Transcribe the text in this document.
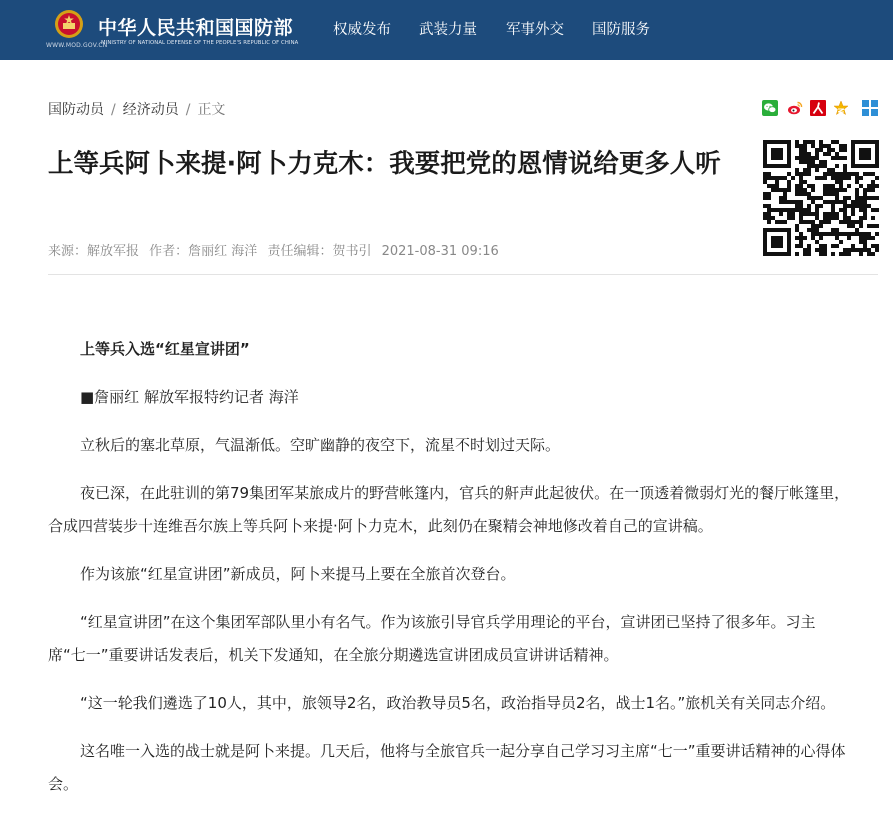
WWW.MOD.GOV.CN
中华人民共和国国防部
MINISTRY OF NATIONAL DEFENSE OF THE PEOPLE'S REPUBLIC OF CHINA
权威发布 武装力量 军事外交 国防服务
国防动员 / 经济动员 / 正文
上等兵阿卜来提·阿卜力克木：我要把党的恩情说给更多人听
来源：解放军报 作者：詹丽红 海洋 责任编辑：贺书引 2021-08-31 09:16

上等兵入选“红星宣讲团”

■詹丽红 解放军报特约记者 海洋

立秋后的塞北草原，气温渐低。空旷幽静的夜空下，流星不时划过天际。

夜已深，在此驻训的第79集团军某旅成片的野营帐篷内，官兵的鼾声此起彼伏。在一顶透着微弱灯光的餐厅帐篷里，合成四营装步十连维吾尔族上等兵阿卜来提·阿卜力克木，此刻仍在聚精会神地修改着自己的宣讲稿。

作为该旅“红星宣讲团”新成员，阿卜来提马上要在全旅首次登台。

“红星宣讲团”在这个集团军部队里小有名气。作为该旅引导官兵学用理论的平台，宣讲团已坚持了很多年。习主席“七一”重要讲话发表后，机关下发通知，在全旅分期遴选宣讲团成员宣讲讲话精神。

“这一轮我们遴选了10人，其中，旅领导2名，政治教导员5名，政治指导员2名，战士1名。”旅机关有关同志介绍。

这名唯一入选的战士就是阿卜来提。几天后，他将与全旅官兵一起分享自己学习习主席“七一”重要讲话精神的心得体会。
